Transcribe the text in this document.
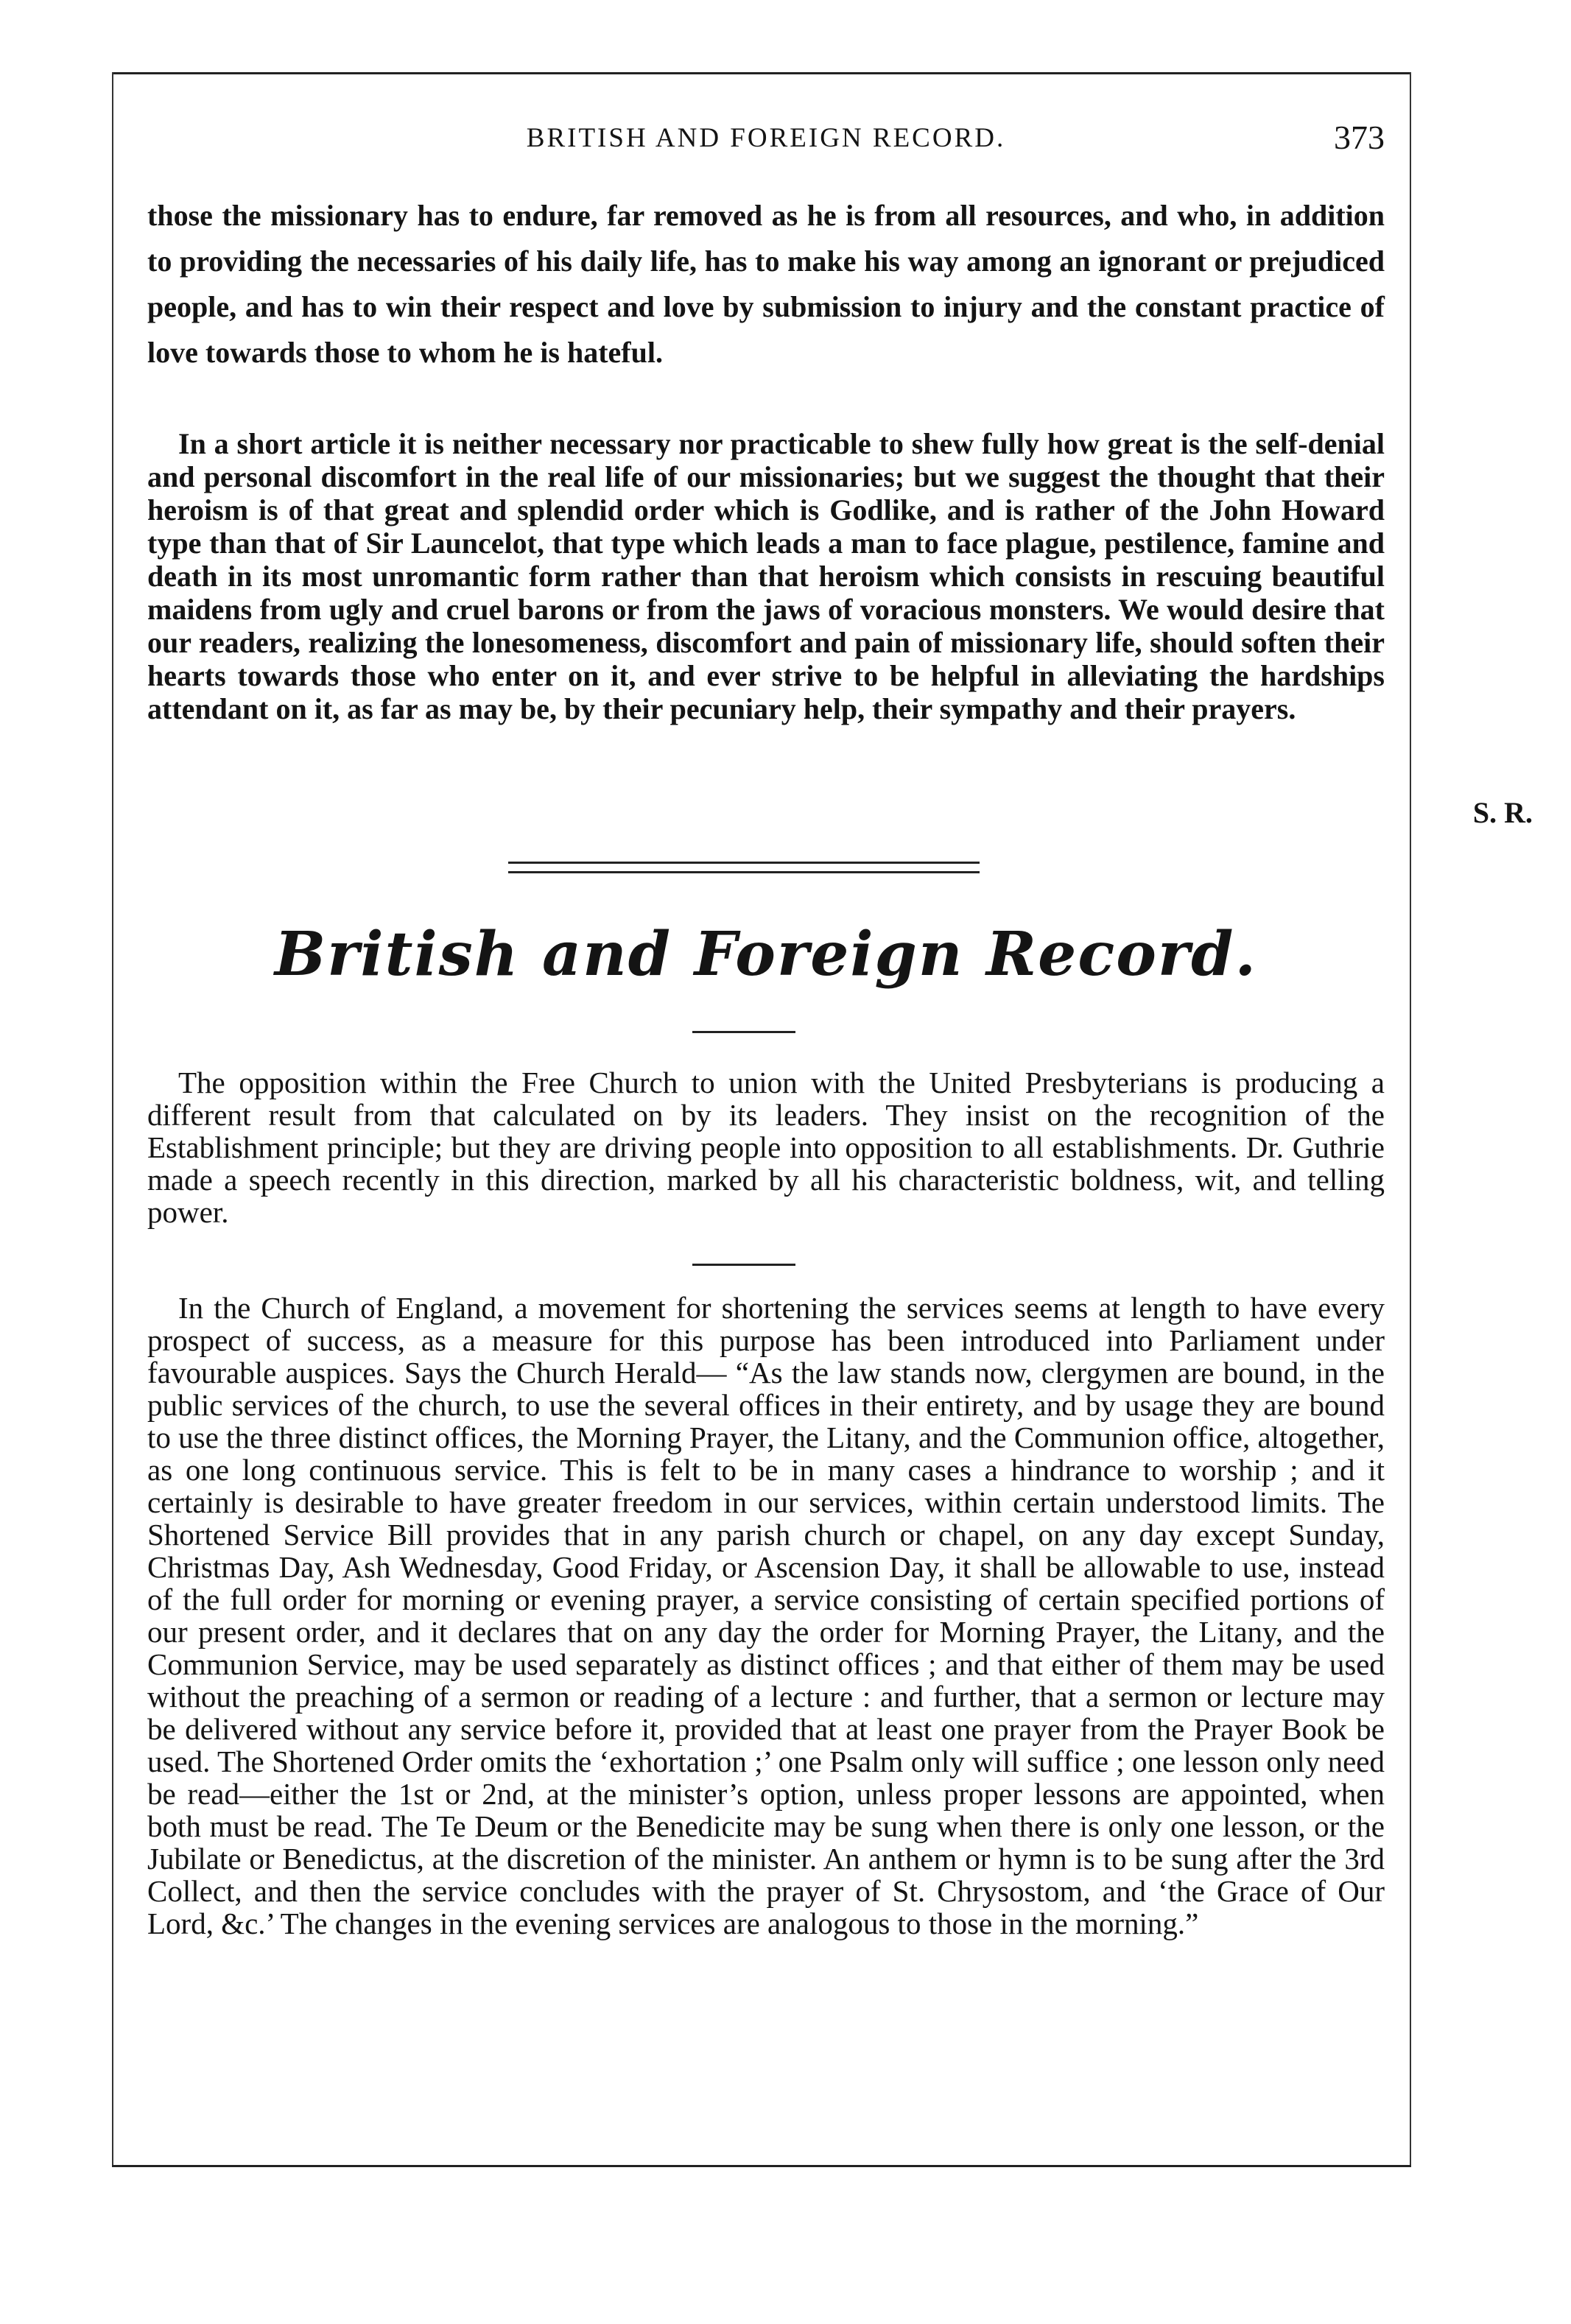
BRITISH AND FOREIGN RECORD.	373

those the missionary has to endure, far removed as he is from all resources, and who, in addition to providing the necessaries of his daily life, has to make his way among an ignorant or prejudiced people, and has to win their respect and love by submission to injury and the constant practice of love towards those to whom he is hateful.

In a short article it is neither necessary nor practicable to shew fully how great is the self-denial and personal discomfort in the real life of our missionaries; but we suggest the thought that their heroism is of that great and splendid order which is Godlike, and is rather of the John Howard type than that of Sir Launcelot, that type which leads a man to face plague, pestilence, famine and death in its most unromantic form rather than that heroism which consists in rescuing beautiful maidens from ugly and cruel barons or from the jaws of voracious monsters. We would desire that our readers, realizing the lonesomeness, discomfort and pain of missionary life, should soften their hearts towards those who enter on it, and ever strive to be helpful in alleviating the hardships attendant on it, as far as may be, by their pecuniary help, their sympathy and their prayers.

S. R.
British and Foreign Record.

The opposition within the Free Church to union with the United Presbyterians is producing a different result from that calculated on by its leaders. They insist on the recognition of the Establishment principle; but they are driving people into opposition to all establishments. Dr. Guthrie made a speech recently in this direction, marked by all his characteristic boldness, wit, and telling power.

In the Church of England, a movement for shortening the services seems at length to have every prospect of success, as a measure for this purpose has been introduced into Parliament under favourable auspices. Says the Church Herald— “As the law stands now, clergymen are bound, in the public services of the church, to use the several offices in their entirety, and by usage they are bound to use the three distinct offices, the Morning Prayer, the Litany, and the Communion office, altogether, as one long continuous service. This is felt to be in many cases a hindrance to worship ; and it certainly is desirable to have greater freedom in our services, within certain understood limits. The Shortened Service Bill provides that in any parish church or chapel, on any day except Sunday, Christmas Day, Ash Wednesday, Good Friday, or Ascension Day, it shall be allowable to use, instead of the full order for morning or evening prayer, a service consisting of certain specified portions of our present order, and it declares that on any day the order for Morning Prayer, the Litany, and the Communion Service, may be used separately as distinct offices ; and that either of them may be used without the preaching of a sermon or reading of a lecture : and further, that a sermon or lecture may be delivered without any service before it, provided that at least one prayer from the Prayer Book be used. The Shortened Order omits the ‘exhortation ;’ one Psalm only will suffice ; one lesson only need be read—either the 1st or 2nd, at the minister’s option, unless proper lessons are appointed, when both must be read. The Te Deum or the Benedicite may be sung when there is only one lesson, or the Jubilate or Benedictus, at the discretion of the minister. An anthem or hymn is to be sung after the 3rd Collect, and then the service concludes with the prayer of St. Chrysostom, and ‘the Grace of Our Lord, &c.’ The changes in the evening services are analogous to those in the morning.”
